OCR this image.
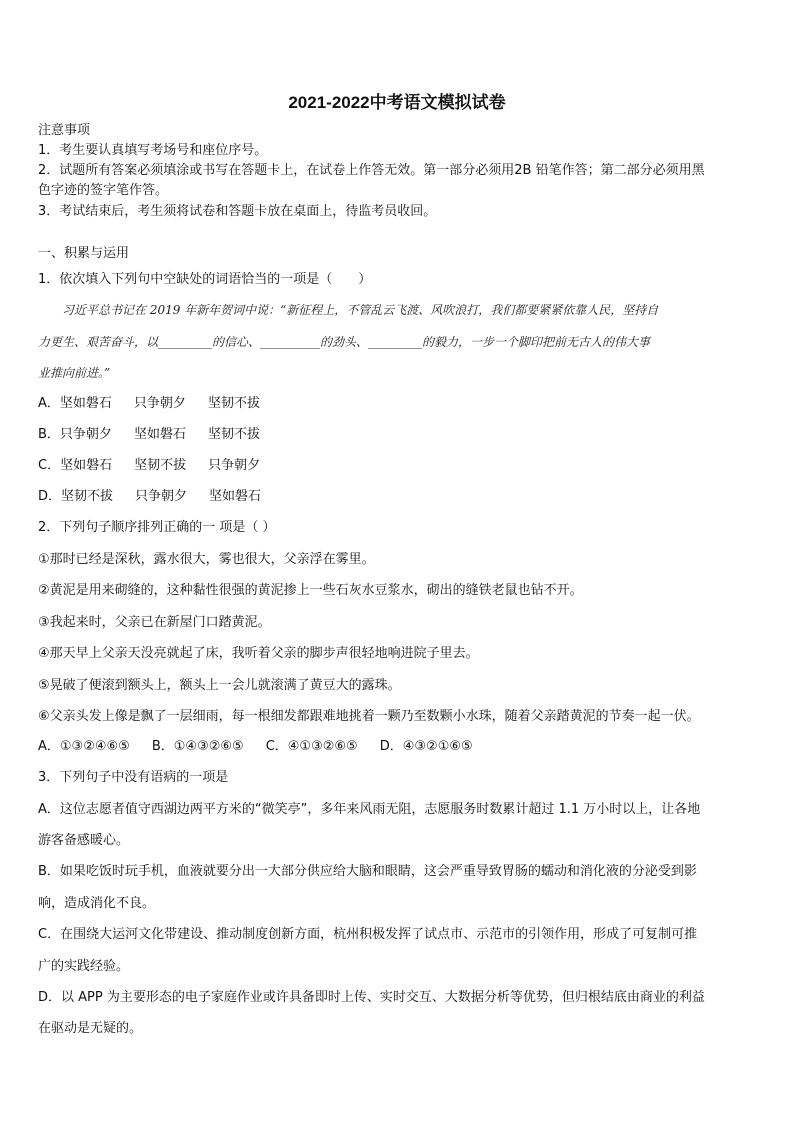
2021-2022中考语文模拟试卷
注意事项
1．考生要认真填写考场号和座位序号。
2．试题所有答案必须填涂或书写在答题卡上，在试卷上作答无效。第一部分必须用2B 铅笔作答；第二部分必须用黑
色字迹的签字笔作答。
3．考试结束后，考生须将试卷和答题卡放在桌面上，待监考员收回。
一、积累与运用
1．依次填入下列句中空缺处的词语恰当的一项是（　　）
习近平总书记在 2019 年新年贺词中说：“新征程上，不管乱云飞渡、风吹浪打，我们都要紧紧依靠人民，坚持自
力更生、艰苦奋斗，以_________的信心、__________的劲头、_________的毅力，一步一个脚印把前无古人的伟大事
业推向前进。”
A．坚如磐石 只争朝夕 坚韧不拔
B．只争朝夕 坚如磐石 坚韧不拔
C．坚如磐石 坚韧不拔 只争朝夕
D．坚韧不拔 只争朝夕 坚如磐石
2．下列句子顺序排列正确的一 项是（ ）
①那时已经是深秋，露水很大，雾也很大，父亲浮在雾里。
②黄泥是用来砌缝的，这种黏性很强的黄泥掺上一些石灰水豆浆水，砌出的缝铁老鼠也钻不开。
③我起来时，父亲已在新屋门口踏黄泥。
④那天早上父亲天没亮就起了床，我听着父亲的脚步声很轻地响进院子里去。
⑤晃破了便滚到额头上，额头上一会儿就滚满了黄豆大的露珠。
⑥父亲头发上像是飘了一层细雨，每一根细发都跟难地挑着一颗乃至数颗小水珠，随着父亲踏黄泥的节奏一起一伏。
A．①③②④⑥⑤ B．①④③②⑥⑤ C．④①③②⑥⑤ D．④③②①⑥⑤
3．下列句子中没有语病的一项是
A．这位志愿者值守西湖边两平方米的“微笑亭”，多年来风雨无阻，志愿服务时数累计超过 1.1 万小时以上，让各地
游客备感暖心。
B．如果吃饭时玩手机，血液就要分出一大部分供应给大脑和眼睛，这会严重导致胃肠的蠕动和消化液的分泌受到影
响，造成消化不良。
C．在围绕大运河文化带建设、推动制度创新方面，杭州积极发挥了试点市、示范市的引领作用，形成了可复制可推
广的实践经验。
D．以 APP 为主要形态的电子家庭作业或许具备即时上传、实时交互、大数据分析等优势，但归根结底由商业的利益
在驱动是无疑的。
